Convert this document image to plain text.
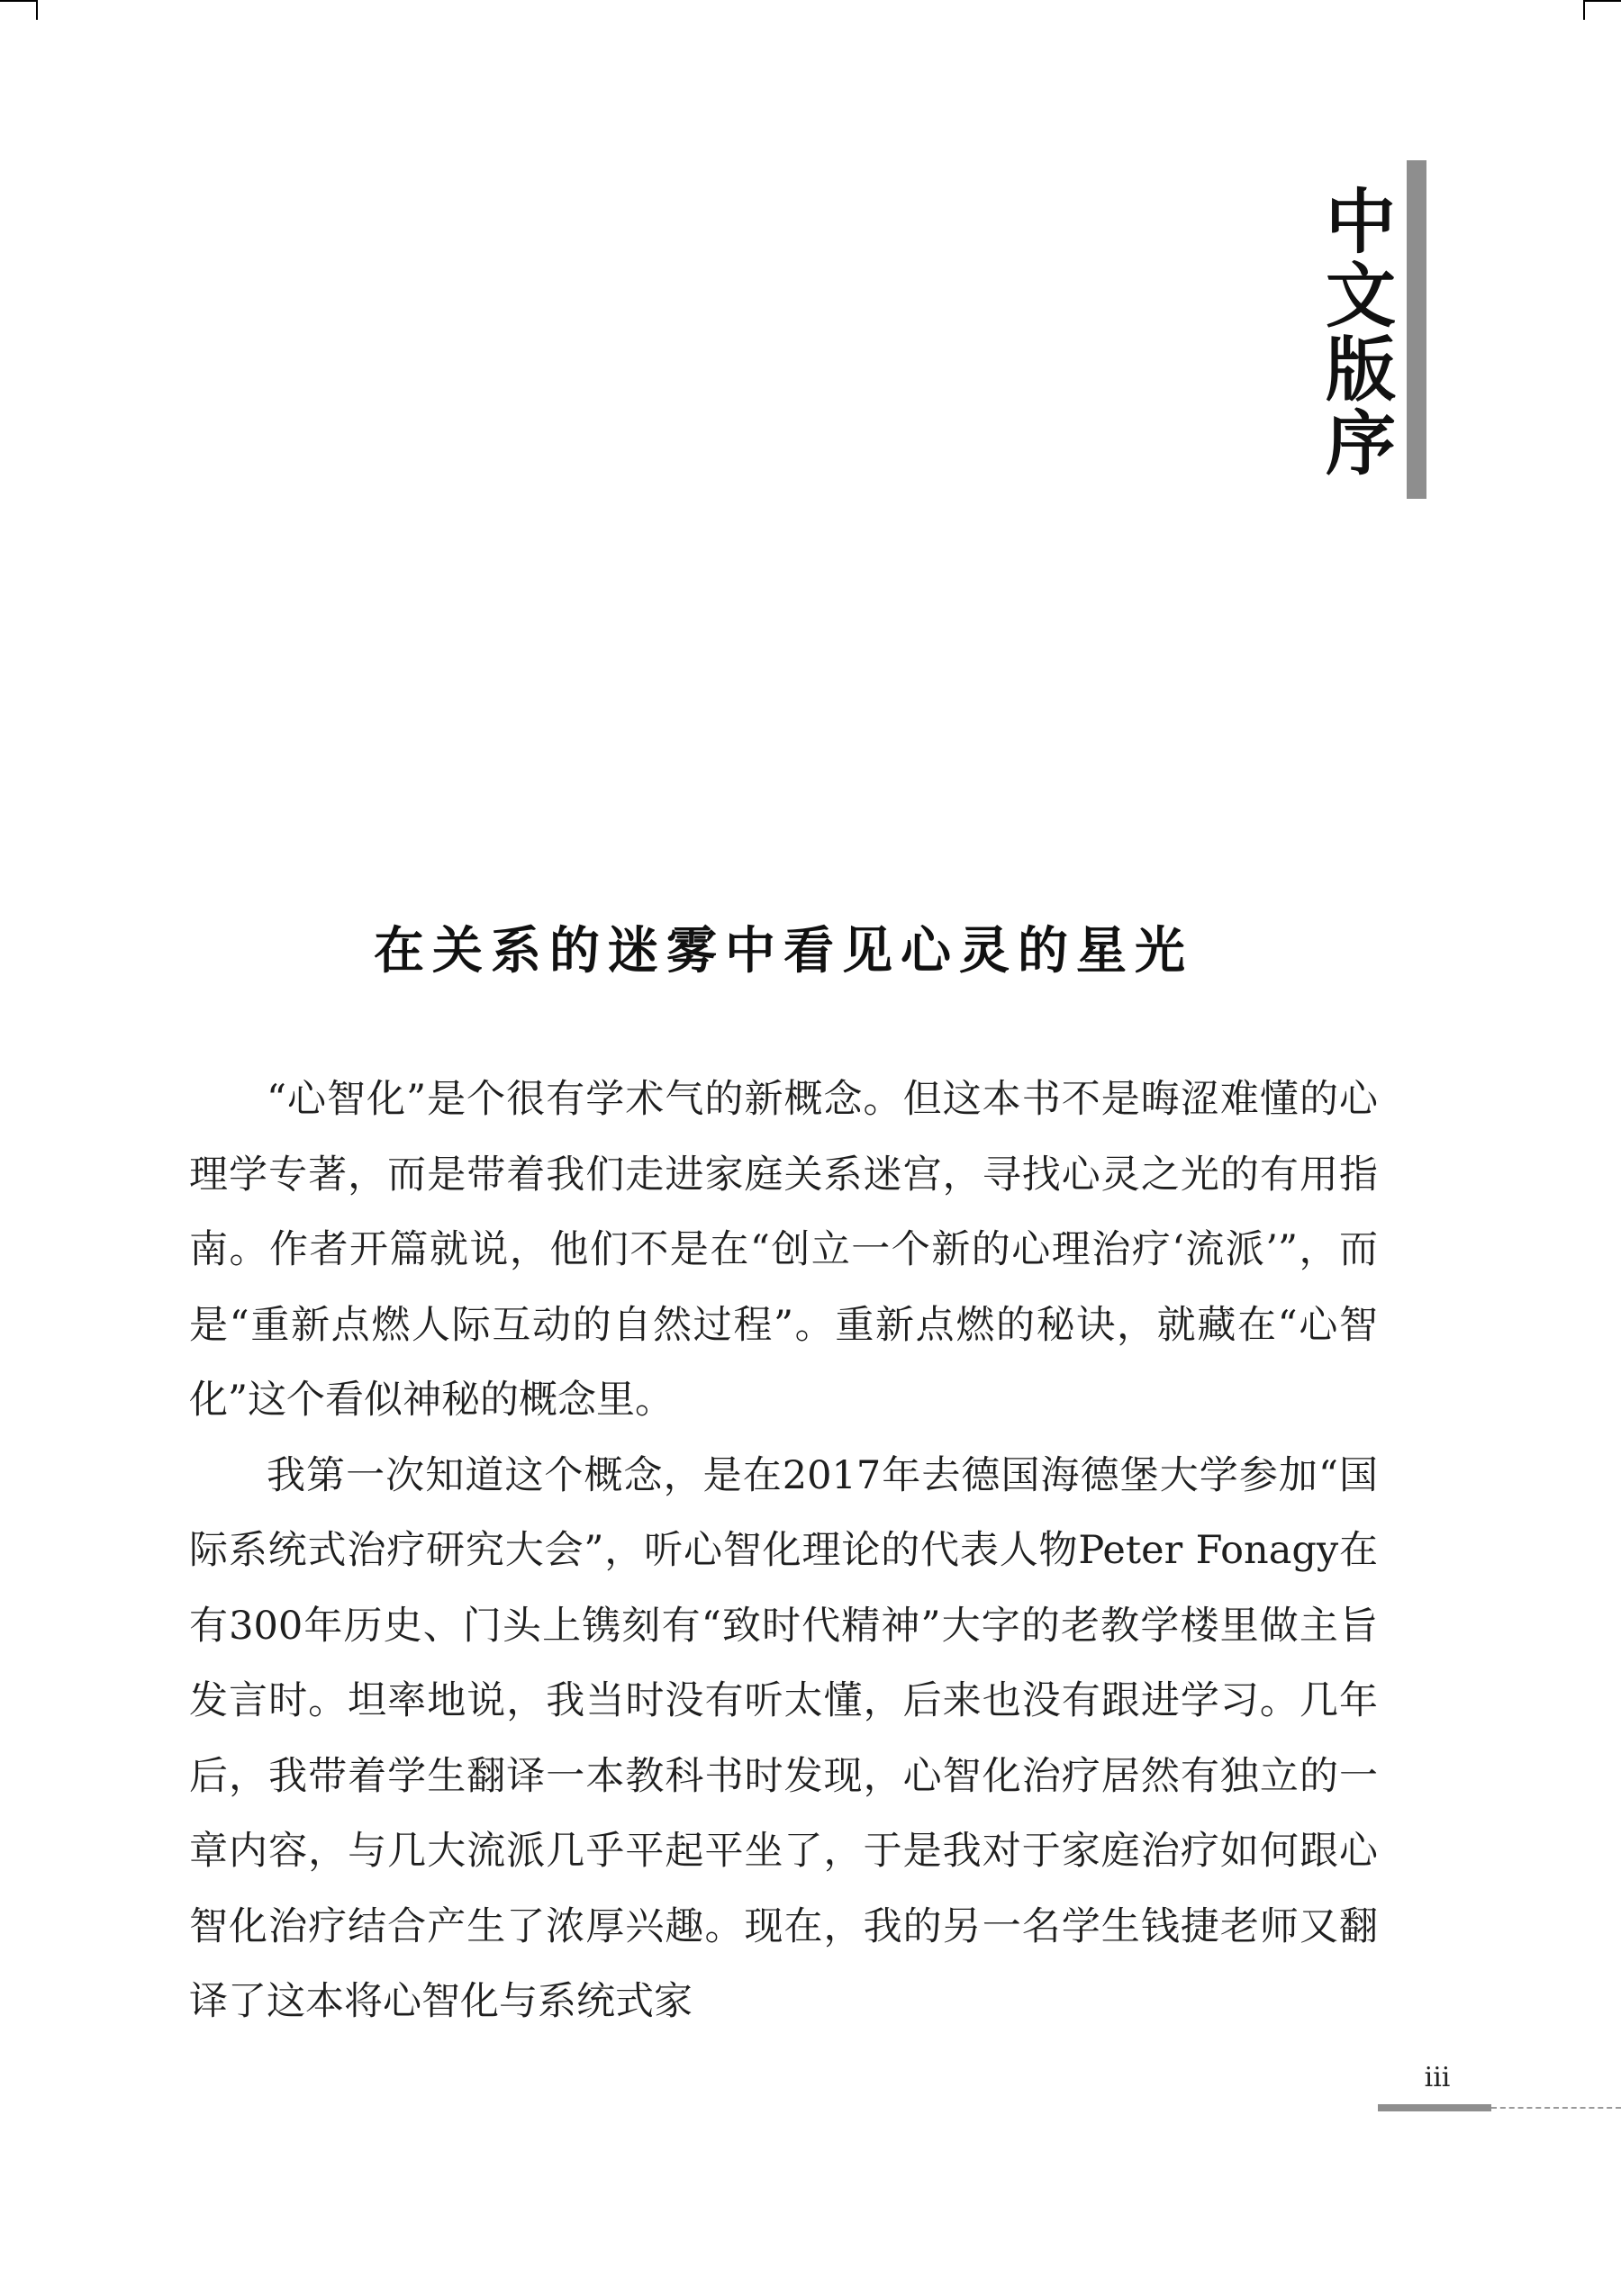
中文版序
在关系的迷雾中看见心灵的星光

“心智化”是个很有学术气的新概念。但这本书不是晦涩难懂的心理学专著，而是带着我们走进家庭关系迷宫，寻找心灵之光的有用指南。作者开篇就说，他们不是在“创立一个新的心理治疗‘流派’”，而是“重新点燃人际互动的自然过程”。重新点燃的秘诀，就藏在“心智化”这个看似神秘的概念里。

我第一次知道这个概念，是在2017年去德国海德堡大学参加“国际系统式治疗研究大会”，听心智化理论的代表人物Peter Fonagy在有300年历史、门头上镌刻有“致时代精神”大字的老教学楼里做主旨发言时。坦率地说，我当时没有听太懂，后来也没有跟进学习。几年后，我带着学生翻译一本教科书时发现，心智化治疗居然有独立的一章内容，与几大流派几乎平起平坐了，于是我对于家庭治疗如何跟心智化治疗结合产生了浓厚兴趣。现在，我的另一名学生钱捷老师又翻译了这本将心智化与系统式家

iii
